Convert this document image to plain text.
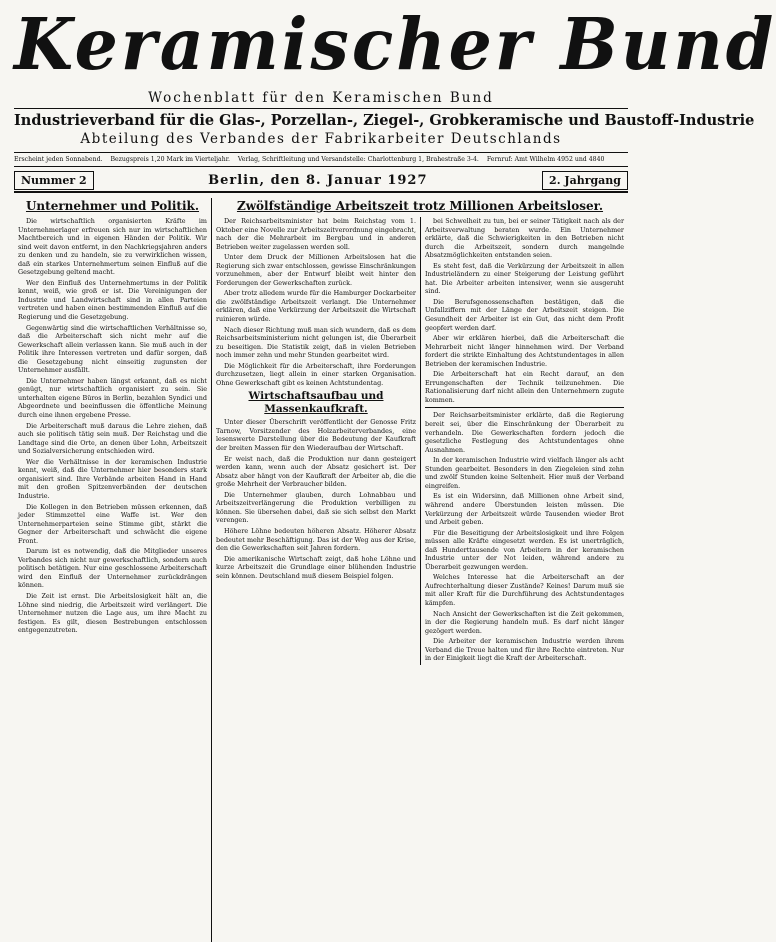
Keramischer Bund
Wochenblatt für den Keramischen Bund
Industrieverband für die Glas-, Porzellan-, Ziegel-, Grobkeramische und Baustoff-Industrie
Abteilung des Verbandes der Fabrikarbeiter Deutschlands
Erscheint jeden Sonnabend. Bezugspreis 1,20 Mark im Vierteljahr. Verlag, Schriftleitung und Versandstelle: Charlottenburg 1, Brahestraße 3-4. Fernruf: Amt Wilhelm 4952 und 4840
Nummer 2	Berlin, den 8. Januar 1927	2. Jahrgang
Unternehmer und Politik.

Die wirtschaftlich organisierten Kräfte im Unternehmerlager erfreuen sich nur im wirtschaftlichen Machtbereich und in eigenen Händen der Politik. Wir sind weit davon entfernt, in den Nachkriegsjahren anders zu denken und zu handeln, sie zu verwirklichen wissen, daß ein starkes Unternehmertum seinen Einfluß auf die Gesetzgebung geltend macht.

Wer den Einfluß des Unternehmertums in der Politik kennt, weiß, wie groß er ist. Die Vereinigungen der Industrie und Landwirtschaft sind in allen Parteien vertreten und haben einen bestimmenden Einfluß auf die Regierung und die Gesetzgebung.

Gegenwärtig sind die wirtschaftlichen Verhältnisse so, daß die Arbeiterschaft sich nicht mehr auf die Gewerkschaft allein verlassen kann. Sie muß auch in der Politik ihre Interessen vertreten und dafür sorgen, daß die Gesetzgebung nicht einseitig zugunsten der Unternehmer ausfällt.

Die Unternehmer haben längst erkannt, daß es nicht genügt, nur wirtschaftlich organisiert zu sein. Sie unterhalten eigene Büros in Berlin, bezahlen Syndici und Abgeordnete und beeinflussen die öffentliche Meinung durch eine ihnen ergebene Presse.

Die Arbeiterschaft muß daraus die Lehre ziehen, daß auch sie politisch tätig sein muß. Der Reichstag und die Landtage sind die Orte, an denen über Lohn, Arbeitszeit und Sozialversicherung entschieden wird.

Wer die Verhältnisse in der keramischen Industrie kennt, weiß, daß die Unternehmer hier besonders stark organisiert sind. Ihre Verbände arbeiten Hand in Hand mit den großen Spitzenverbänden der deutschen Industrie.

Die Kollegen in den Betrieben müssen erkennen, daß jeder Stimmzettel eine Waffe ist. Wer den Unternehmerparteien seine Stimme gibt, stärkt die Gegner der Arbeiterschaft und schwächt die eigene Front.

Darum ist es notwendig, daß die Mitglieder unseres Verbandes sich nicht nur gewerkschaftlich, sondern auch politisch betätigen. Nur eine geschlossene Arbeiterschaft wird den Einfluß der Unternehmer zurückdrängen können.

Die Zeit ist ernst. Die Arbeitslosigkeit hält an, die Löhne sind niedrig, die Arbeitszeit wird verlängert. Die Unternehmer nutzen die Lage aus, um ihre Macht zu festigen. Es gilt, diesen Bestrebungen entschlossen entgegenzutreten.

Zwölfständige Arbeitszeit trotz Millionen Arbeitsloser.

Der Reichsarbeitsminister hat beim Reichstag vom 1. Oktober eine Novelle zur Arbeitszeitverordnung eingebracht, nach der die Mehrarbeit im Bergbau und in anderen Betrieben weiter zugelassen werden soll.

Unter dem Druck der Millionen Arbeitslosen hat die Regierung sich zwar entschlossen, gewisse Einschränkungen vorzunehmen, aber der Entwurf bleibt weit hinter den Forderungen der Gewerkschaften zurück.

Aber trotz alledem wurde für die Hamburger Dockarbeiter die zwölfständige Arbeitszeit verlangt. Die Unternehmer erklären, daß eine Verkürzung der Arbeitszeit die Wirtschaft ruinieren würde.

Nach dieser Richtung muß man sich wundern, daß es dem Reichsarbeitsministerium nicht gelungen ist, die Überarbeit zu beseitigen. Die Statistik zeigt, daß in vielen Betrieben noch immer zehn und mehr Stunden gearbeitet wird.

Die Möglichkeit für die Arbeiterschaft, ihre Forderungen durchzusetzen, liegt allein in einer starken Organisation. Ohne Gewerkschaft gibt es keinen Achtstundentag.

Wirtschaftsaufbau und Massenkaufkraft.

Unter dieser Überschrift veröffentlicht der Genosse Fritz Tarnow, Vorsitzender des Holzarbeiterverbandes, eine lesenswerte Darstellung über die Bedeutung der Kaufkraft der breiten Massen für den Wiederaufbau der Wirtschaft.

Er weist nach, daß die Produktion nur dann gesteigert werden kann, wenn auch der Absatz gesichert ist. Der Absatz aber hängt von der Kaufkraft der Arbeiter ab, die die große Mehrheit der Verbraucher bilden.

Die Unternehmer glauben, durch Lohnabbau und Arbeitszeitverlängerung die Produktion verbilligen zu können. Sie übersehen dabei, daß sie sich selbst den Markt verengen.

Höhere Löhne bedeuten höheren Absatz. Höherer Absatz bedeutet mehr Beschäftigung. Das ist der Weg aus der Krise, den die Gewerkschaften seit Jahren fordern.

Die amerikanische Wirtschaft zeigt, daß hohe Löhne und kurze Arbeitszeit die Grundlage einer blühenden Industrie sein können. Deutschland muß diesem Beispiel folgen.

bei Schwelheit zu tun, bei er seiner Tätigkeit nach als der Arbeitsverwaltung beraten wurde. Ein Unternehmer erklärte, daß die Schwierigkeiten in den Betrieben nicht durch die Arbeitszeit, sondern durch mangelnde Absatzmöglichkeiten entstanden seien.

Es steht fest, daß die Verkürzung der Arbeitszeit in allen Industrieländern zu einer Steigerung der Leistung geführt hat. Die Arbeiter arbeiten intensiver, wenn sie ausgeruht sind.

Die Berufsgenossenschaften bestätigen, daß die Unfallziffern mit der Länge der Arbeitszeit steigen. Die Gesundheit der Arbeiter ist ein Gut, das nicht dem Profit geopfert werden darf.

Aber wir erklären hierbei, daß die Arbeiterschaft die Mehrarbeit nicht länger hinnehmen wird. Der Verband fordert die strikte Einhaltung des Achtstundentages in allen Betrieben der keramischen Industrie.

Die Arbeiterschaft hat ein Recht darauf, an den Errungenschaften der Technik teilzunehmen. Die Rationalisierung darf nicht allein den Unternehmern zugute kommen.

Der Reichsarbeitsminister erklärte, daß die Regierung bereit sei, über die Einschränkung der Überarbeit zu verhandeln. Die Gewerkschaften fordern jedoch die gesetzliche Festlegung des Achtstundentages ohne Ausnahmen.

In der keramischen Industrie wird vielfach länger als acht Stunden gearbeitet. Besonders in den Ziegeleien sind zehn und zwölf Stunden keine Seltenheit. Hier muß der Verband eingreifen.

Es ist ein Widersinn, daß Millionen ohne Arbeit sind, während andere Überstunden leisten müssen. Die Verkürzung der Arbeitszeit würde Tausenden wieder Brot und Arbeit geben.

Für die Beseitigung der Arbeitslosigkeit und ihre Folgen müssen alle Kräfte eingesetzt werden. Es ist unerträglich, daß Hunderttausende von Arbeitern in der keramischen Industrie unter der Not leiden, während andere zu Überarbeit gezwungen werden.

Welches Interesse hat die Arbeiterschaft an der Aufrechterhaltung dieser Zustände? Keines! Darum muß sie mit aller Kraft für die Durchführung des Achtstundentages kämpfen.

Nach Ansicht der Gewerkschaften ist die Zeit gekommen, in der die Regierung handeln muß. Es darf nicht länger gezögert werden.

Die Arbeiter der keramischen Industrie werden ihrem Verband die Treue halten und für ihre Rechte eintreten. Nur in der Einigkeit liegt die Kraft der Arbeiterschaft.
